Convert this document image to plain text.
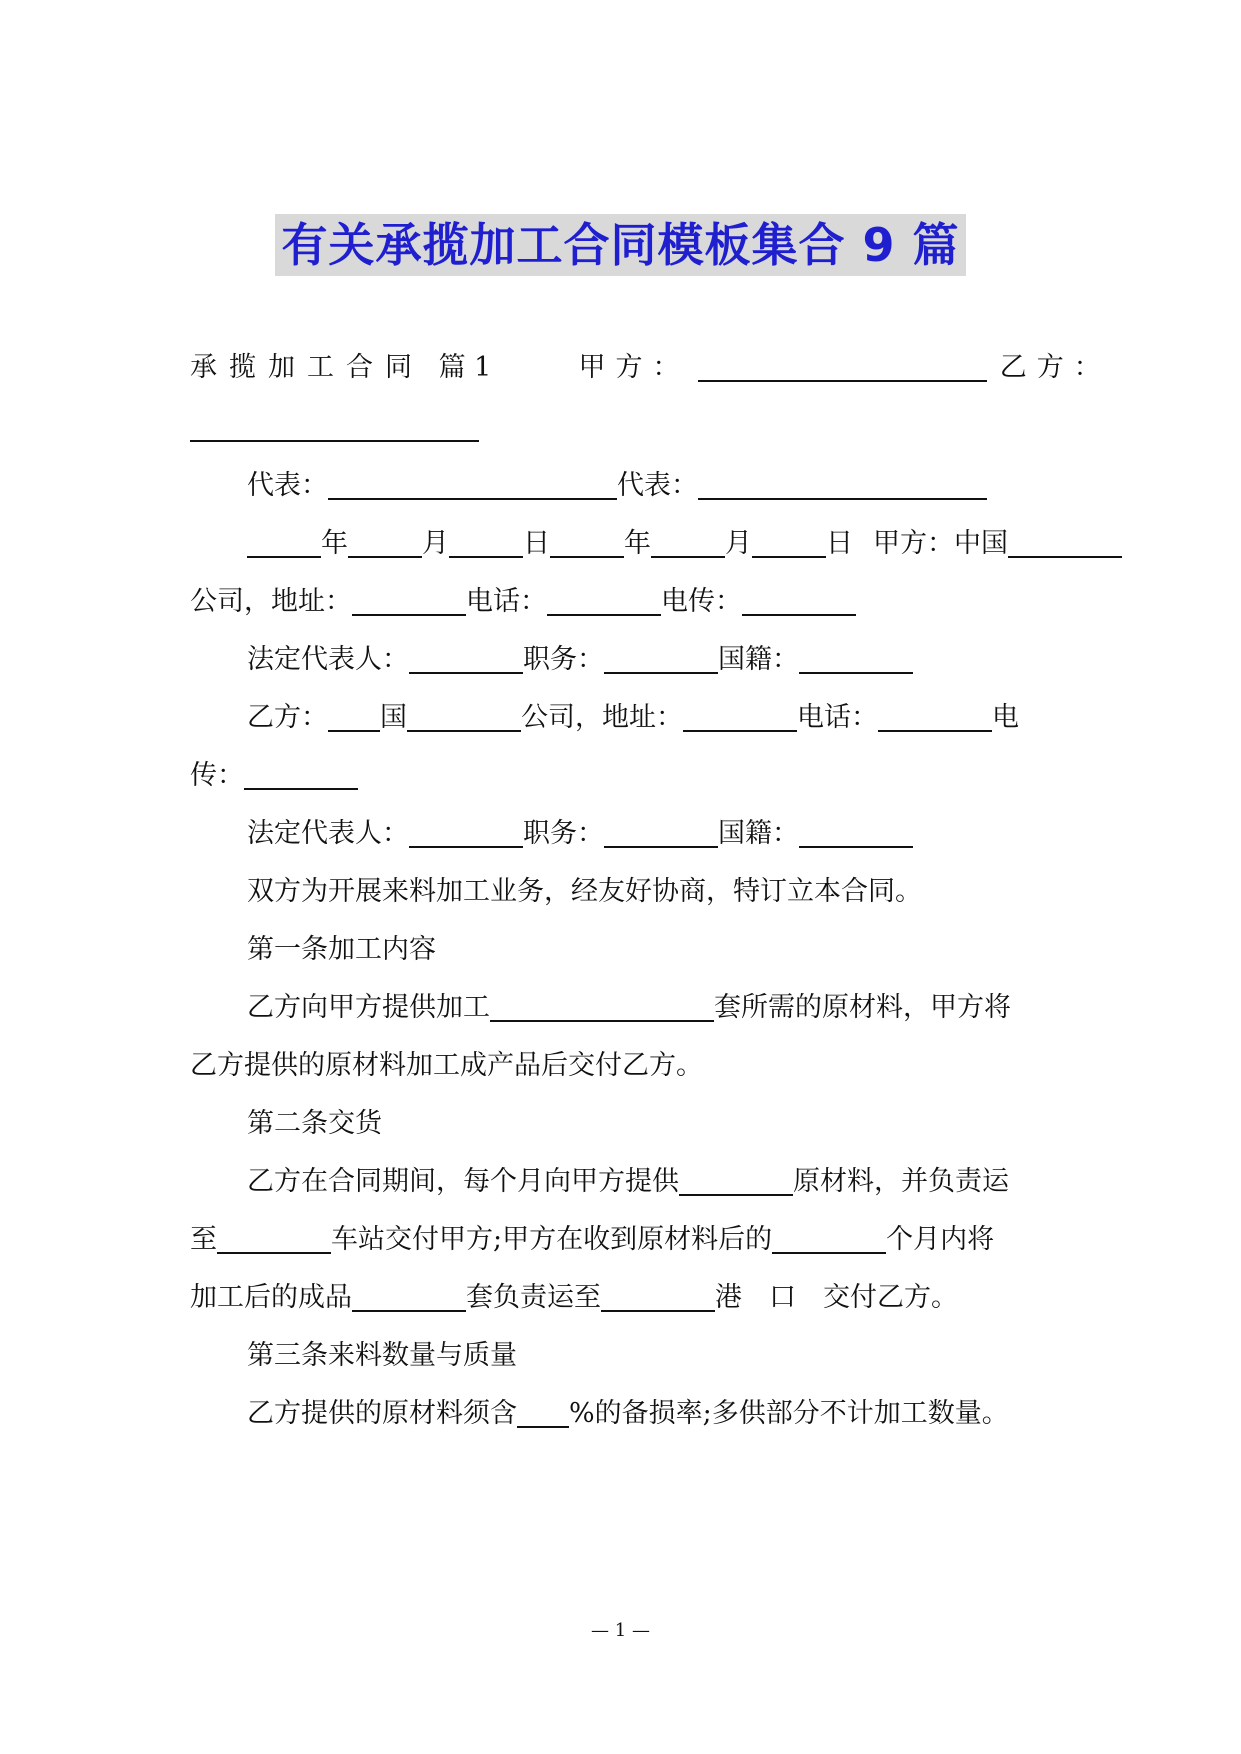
有关承揽加工合同模板集合 9 篇
承揽加工合同 篇 1	甲方：	乙方：
代表：	代表：
年	月	日	年	月	日 甲方：中国
公司，地址：	电话：	电传：
法定代表人：	职务：	国籍：
乙方： 国	公司，地址：	电话：	电
传：
法定代表人：	职务：	国籍：
双方为开展来料加工业务，经友好协商，特订立本合同。
第一条加工内容
乙方向甲方提供加工	套所需的原材料，甲方将
乙方提供的原材料加工成产品后交付乙方。
第二条交货
乙方在合同期间，每个月向甲方提供	原材料，并负责运
至	车站交付甲方;甲方在收到原材料后的	个月内将
加工后的成品	套负责运至	港　口　交付乙方。
第三条来料数量与质量
乙方提供的原材料须含 %的备损率;多供部分不计加工数量。
— 1 —
